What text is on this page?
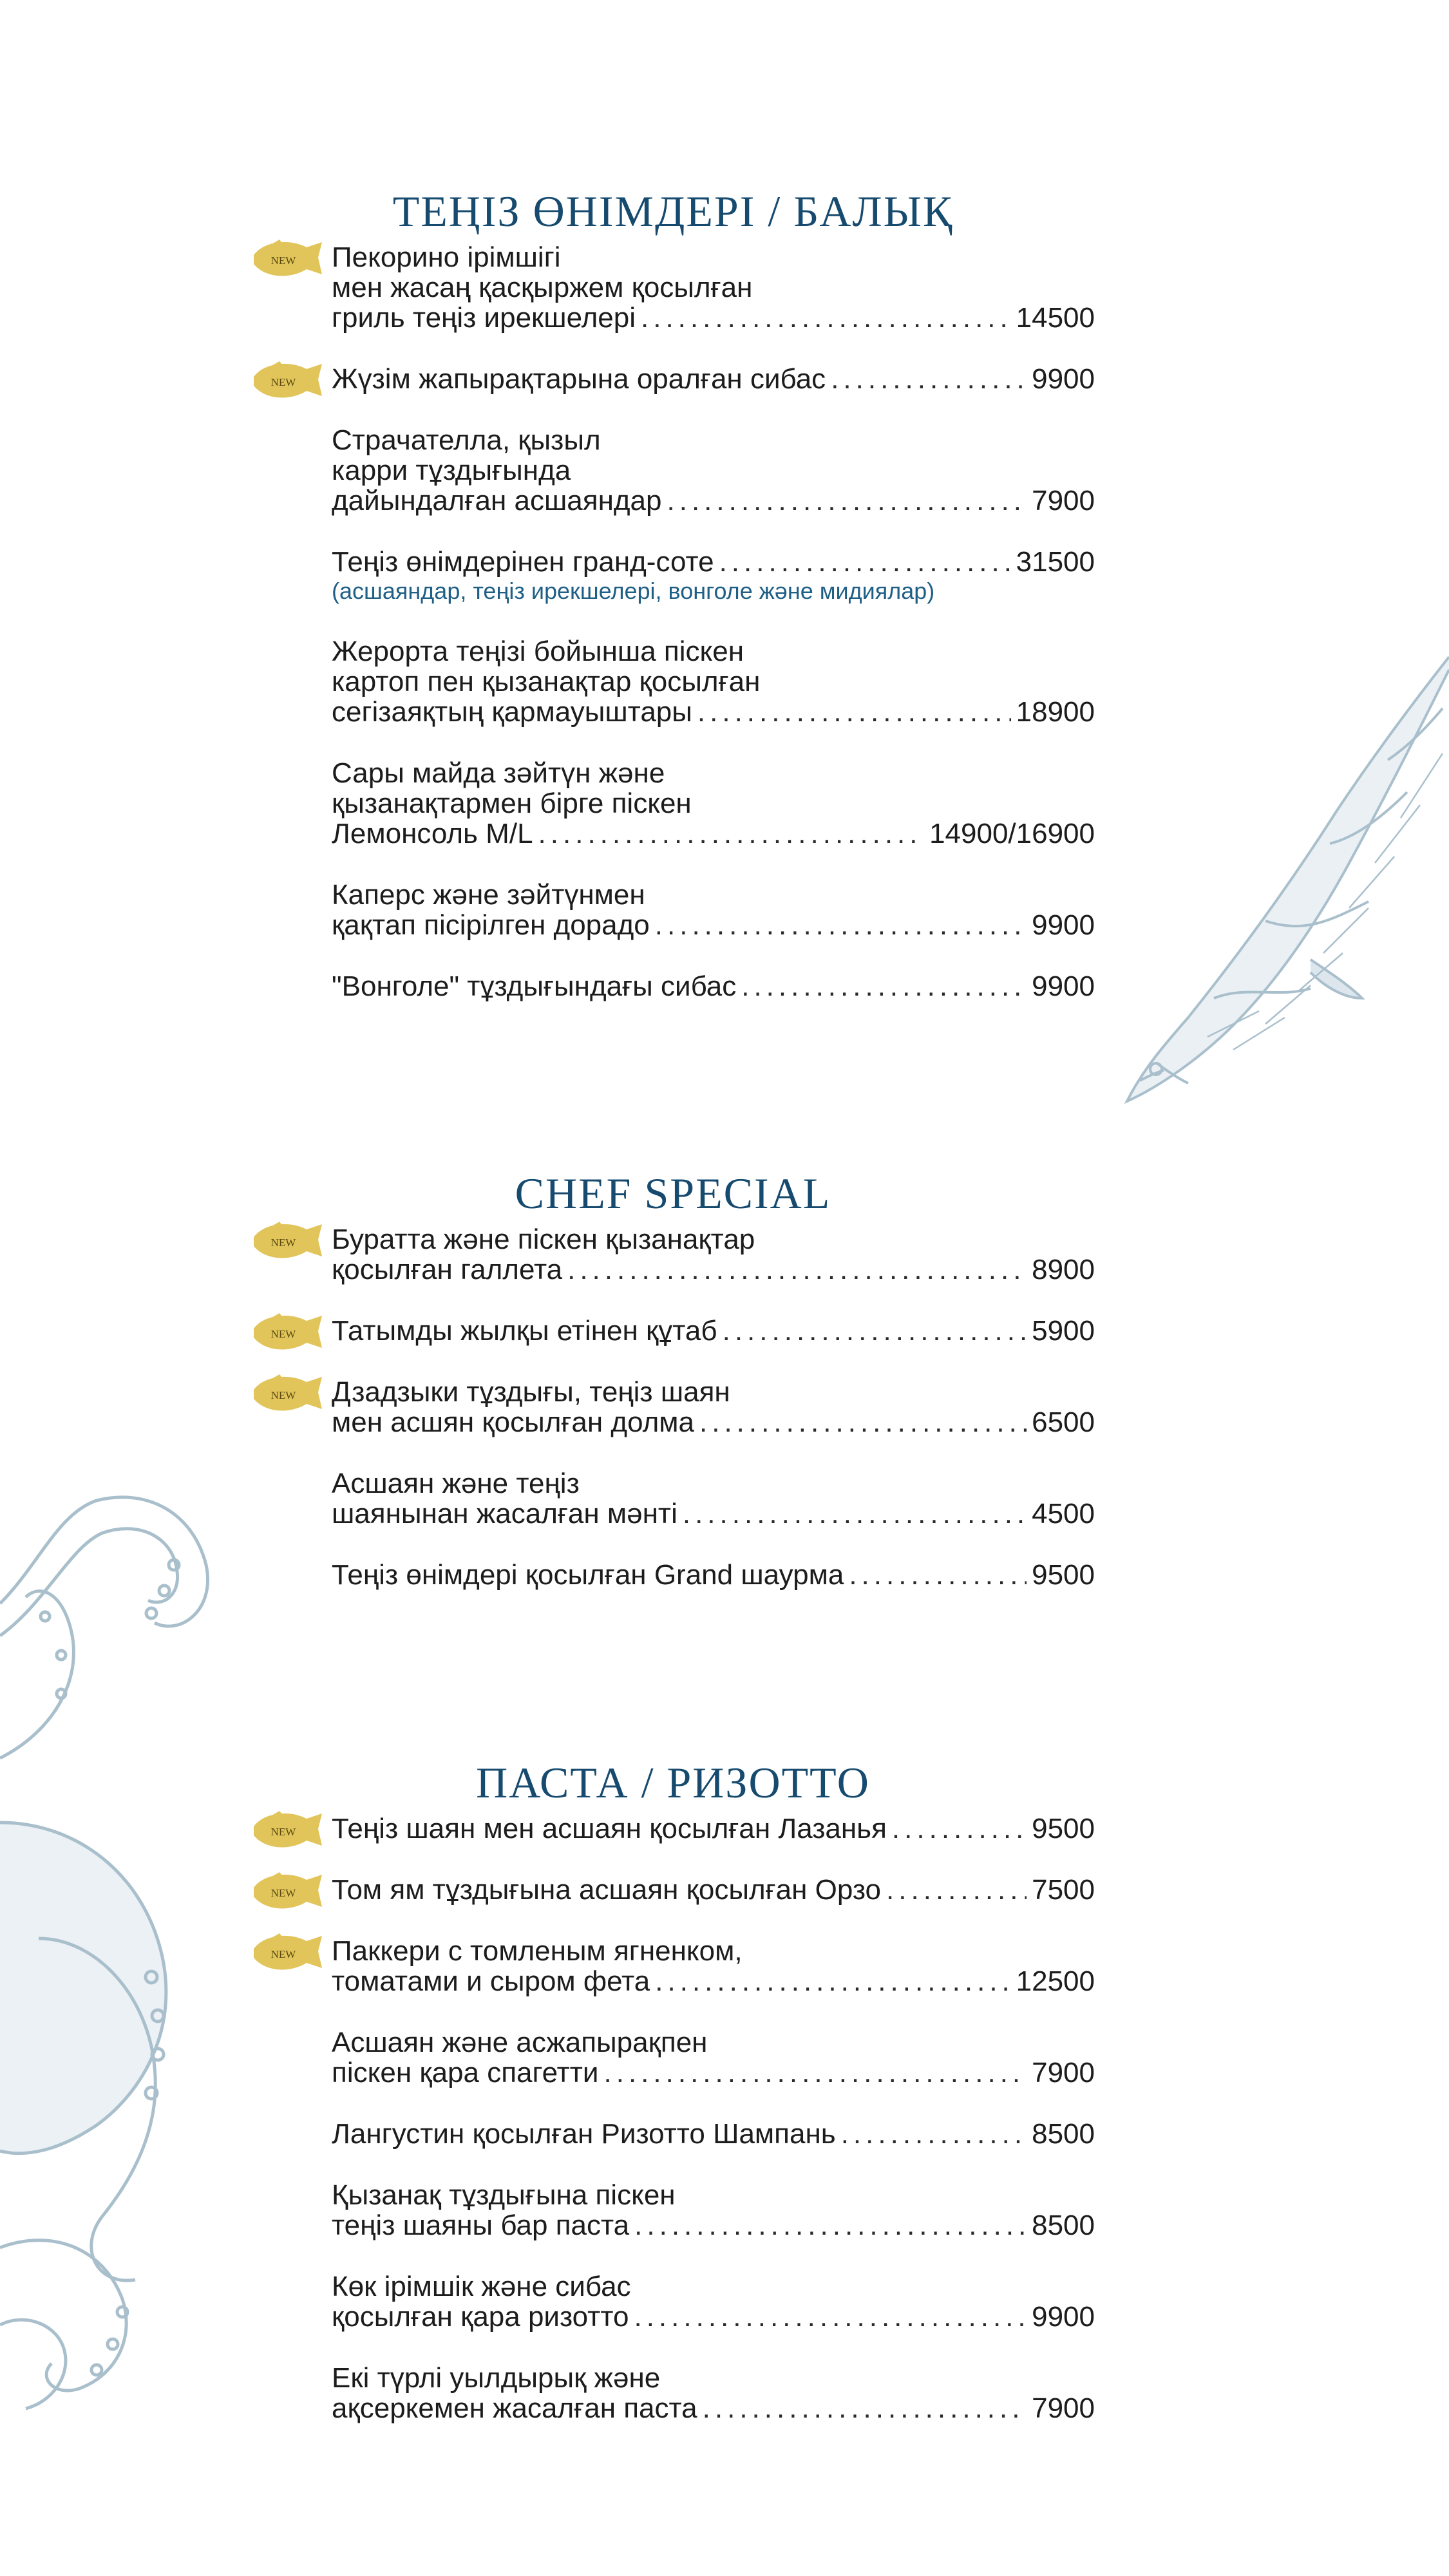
ТЕҢІЗ ӨНІМДЕРІ / БАЛЫҚ
NEW Пекорино ірімшігі
мен жасаң қасқыржем қосылған
гриль теңіз ирекшелері .....	14500
NEW Жүзім жапырақтарына оралған сибас .....	9900
Страчателла, қызыл
карри тұздығында
дайындалған асшаяндар .....	7900
Теңіз өнімдерінен гранд-соте .....	31500
(асшаяндар, теңіз ирекшелері, вонголе және мидиялар)
Жерорта теңізі бойынша піскен
картоп пен қызанақтар қосылған
сегізаяқтың қармауыштары .....	18900
Сары майда зәйтүн және
қызанақтармен бірге піскен
Лемонсоль M/L .....	14900/16900
Каперс және зәйтүнмен
қақтап пісірілген дорадо .....	9900
"Вонголе" тұздығындағы сибас .....	9900
CHEF SPECIAL
NEW Буратта және піскен қызанақтар
қосылған галлета .....	8900
NEW Татымды жылқы етінен құтаб .....	5900
NEW Дзадзыки тұздығы, теңіз шаян
мен асшян қосылған долма .....	6500
Асшаян және теңіз
шаянынан жасалған мәнті .....	4500
Теңіз өнімдері қосылған Grand шаурма .....	9500
ПАСТА / РИЗОТТО
NEW Теңіз шаян мен асшаян қосылған Лазанья .....	9500
NEW Том ям тұздығына асшаян қосылған Орзо .....	7500
NEW Паккери с томленым ягненком,
томатами и сыром фета .....	12500
Асшаян және асжапырақпен
піскен қара спагетти .....	7900
Лангустин қосылған Ризотто Шампань .....	8500
Қызанақ тұздығына піскен
теңіз шаяны бар паста .....	8500
Көк ірімшік және сибас
қосылған қара ризотто .....	9900
Екі түрлі уылдырық және
ақсеркемен жасалған паста .....	7900
